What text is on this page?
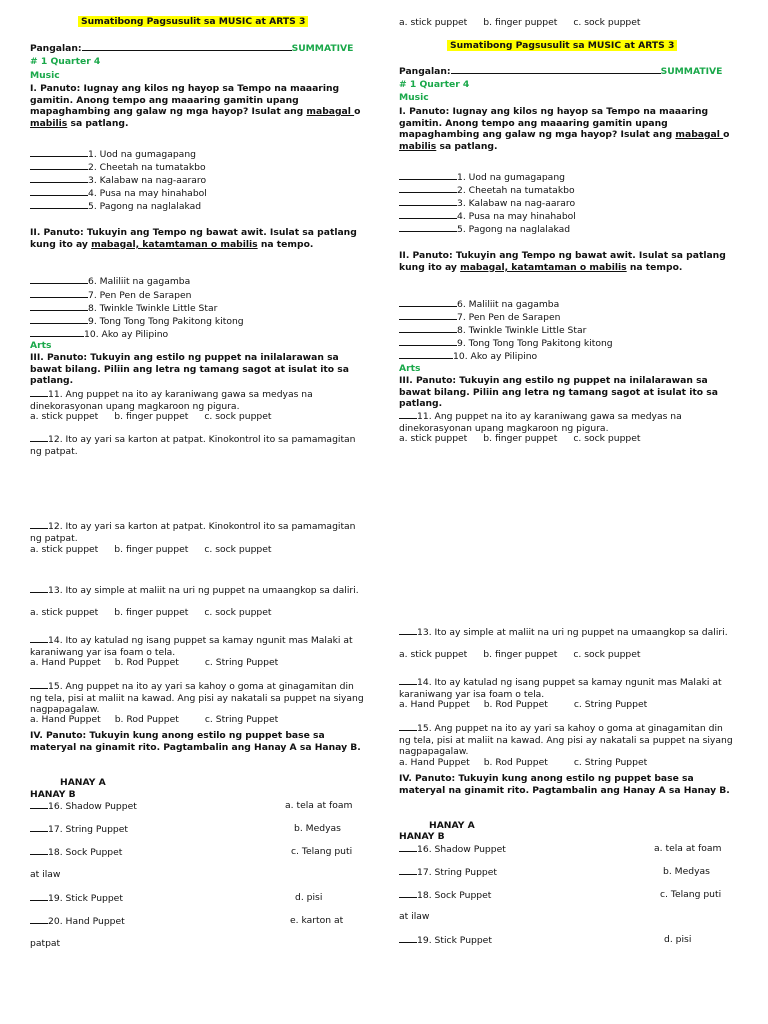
Sumatibong Pagsusulit sa MUSIC at ARTS 3
Pangalan:	SUMMATIVE
# 1 Quarter 4
Music
I. Panuto: Iugnay ang kilos ng hayop sa Tempo na maaaring gamitin. Anong tempo ang maaaring gamitin upang mapaghambing ang galaw ng mga hayop? Isulat ang mabagal o mabilis sa patlang.
1. Uod na gumagapang
2. Cheetah na tumatakbo
3. Kalabaw na nag-aararo
4. Pusa na may hinahabol
5. Pagong na naglalakad
II. Panuto: Tukuyin ang Tempo ng bawat awit. Isulat sa patlang kung ito ay mabagal, katamtaman o mabilis na tempo.
6. Maliliit na gagamba
7. Pen Pen de Sarapen
8. Twinkle Twinkle Little Star
9. Tong Tong Tong Pakitong kitong
10. Ako ay Pilipino
Arts
III. Panuto: Tukuyin ang estilo ng puppet na inilalarawan sa bawat bilang. Piliin ang letra ng tamang sagot at isulat ito sa patlang.
11. Ang puppet na ito ay karaniwang gawa sa medyas na dinekorasyonan upang magkaroon ng pigura.
a. stick puppet b. finger puppet c. sock puppet
12. Ito ay yari sa karton at patpat. Kinokontrol ito sa pamamagitan ng patpat.
12. Ito ay yari sa karton at patpat. Kinokontrol ito sa pamamagitan ng patpat.
a. stick puppet b. finger puppet c. sock puppet
13. Ito ay simple at maliit na uri ng puppet na umaangkop sa daliri.
a. stick puppet b. finger puppet c. sock puppet
14. Ito ay katulad ng isang puppet sa kamay ngunit mas Malaki at karaniwang yar isa foam o tela.
a. Hand Puppet b. Rod Puppet	c. String Puppet
15. Ang puppet na ito ay yari sa kahoy o goma at ginagamitan din ng tela, pisi at maliit na kawad. Ang pisi ay nakatali sa puppet na siyang nagpapagalaw.
a. Hand Puppet b. Rod Puppet	c. String Puppet
IV. Panuto: Tukuyin kung anong estilo ng puppet base sa materyal na ginamit rito. Pagtambalin ang Hanay A sa Hanay B.
HANAY A
HANAY B
16. Shadow Puppet	a. tela at foam
17. String Puppet	b. Medyas
18. Sock Puppet	c. Telang puti
at ilaw
19. Stick Puppet	d. pisi
20. Hand Puppet	e. karton at
patpat
a. stick puppet b. finger puppet c. sock puppet
Sumatibong Pagsusulit sa MUSIC at ARTS 3
Pangalan:	SUMMATIVE
# 1 Quarter 4
Music
I. Panuto: Iugnay ang kilos ng hayop sa Tempo na maaaring gamitin. Anong tempo ang maaaring gamitin upang mapaghambing ang galaw ng mga hayop? Isulat ang mabagal o mabilis sa patlang.
1. Uod na gumagapang
2. Cheetah na tumatakbo
3. Kalabaw na nag-aararo
4. Pusa na may hinahabol
5. Pagong na naglalakad
II. Panuto: Tukuyin ang Tempo ng bawat awit. Isulat sa patlang kung ito ay mabagal, katamtaman o mabilis na tempo.
6. Maliliit na gagamba
7. Pen Pen de Sarapen
8. Twinkle Twinkle Little Star
9. Tong Tong Tong Pakitong kitong
10. Ako ay Pilipino
Arts
III. Panuto: Tukuyin ang estilo ng puppet na inilalarawan sa bawat bilang. Piliin ang letra ng tamang sagot at isulat ito sa patlang.
11. Ang puppet na ito ay karaniwang gawa sa medyas na dinekorasyonan upang magkaroon ng pigura.
a. stick puppet b. finger puppet c. sock puppet
13. Ito ay simple at maliit na uri ng puppet na umaangkop sa daliri.
a. stick puppet b. finger puppet c. sock puppet
14. Ito ay katulad ng isang puppet sa kamay ngunit mas Malaki at karaniwang yar isa foam o tela.
a. Hand Puppet b. Rod Puppet	c. String Puppet
15. Ang puppet na ito ay yari sa kahoy o goma at ginagamitan din ng tela, pisi at maliit na kawad. Ang pisi ay nakatali sa puppet na siyang nagpapagalaw.
a. Hand Puppet b. Rod Puppet	c. String Puppet
IV. Panuto: Tukuyin kung anong estilo ng puppet base sa materyal na ginamit rito. Pagtambalin ang Hanay A sa Hanay B.
HANAY A
HANAY B
16. Shadow Puppet	a. tela at foam
17. String Puppet	b. Medyas
18. Sock Puppet	c. Telang puti
at ilaw
19. Stick Puppet	d. pisi
